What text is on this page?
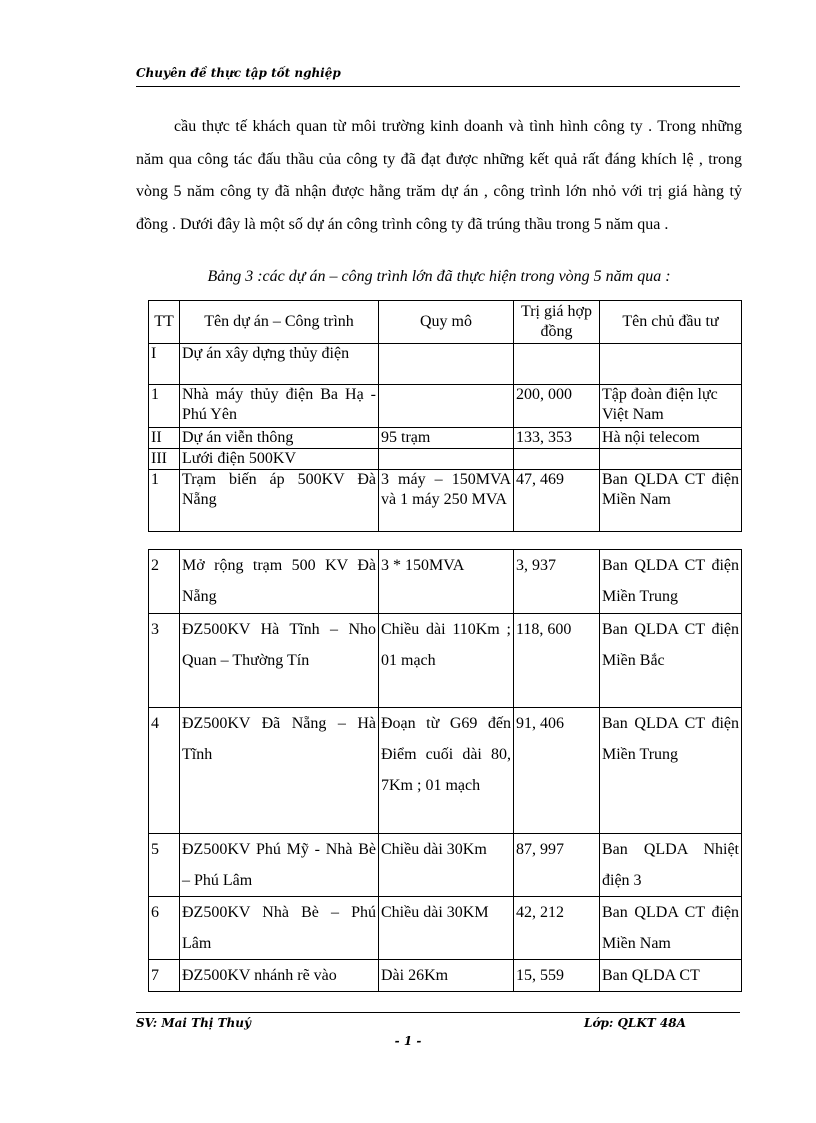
Chuyên đề thực tập tốt nghiệp

cầu thực tế khách quan từ môi trường kinh doanh và tình hình công ty . Trong những năm qua công tác đấu thầu của công ty đã đạt được những kết quả rất đáng khích lệ , trong vòng 5 năm công ty đã nhận được hằng trăm dự án , công trình lớn nhỏ với trị giá hàng tỷ đồng . Dưới đây là một số dự án công trình công ty đã trúng thầu trong 5 năm qua .

Bảng 3 :các dự án – công trình lớn đã thực hiện trong vòng 5 năm qua :
TT	Tên dự án – Công trình	Quy mô	Trị giá hợp đồng	Tên chủ đầu tư
I	Dự án xây dựng thủy điện			
1	Nhà máy thủy điện Ba Hạ - Phú Yên		200, 000	Tập đoàn điện lực Việt Nam
II	Dự án viễn thông	95 trạm	133, 353	Hà nội telecom
III	Lưới điện 500KV			
1	Trạm biến áp 500KV Đà Nẵng	3 máy – 150MVA và 1 máy 250 MVA	47, 469	Ban QLDA CT điện Miền Nam
2	Mở rộng trạm 500 KV Đà Nẵng	3 * 150MVA	3, 937	Ban QLDA CT điện Miền Trung
3	ĐZ500KV Hà Tĩnh – Nho Quan – Thường Tín	Chiều dài 110Km ; 01 mạch	118, 600	Ban QLDA CT điện Miền Bắc
4	ĐZ500KV Đã Nẵng – Hà Tĩnh	Đoạn từ G69 đến Điểm cuối dài 80, 7Km ; 01 mạch	91, 406	Ban QLDA CT điện Miền Trung
5	ĐZ500KV Phú Mỹ - Nhà Bè – Phú Lâm	Chiều dài 30Km	87, 997	Ban QLDA Nhiệt điện 3
6	ĐZ500KV Nhà Bè – Phú Lâm	Chiều dài 30KM	42, 212	Ban QLDA CT điện Miền Nam
7	ĐZ500KV nhánh rẽ vào	Dài 26Km	15, 559	Ban QLDA CT
SV: Mai Thị Thuý	Lớp: QLKT 48A
- 1 -
